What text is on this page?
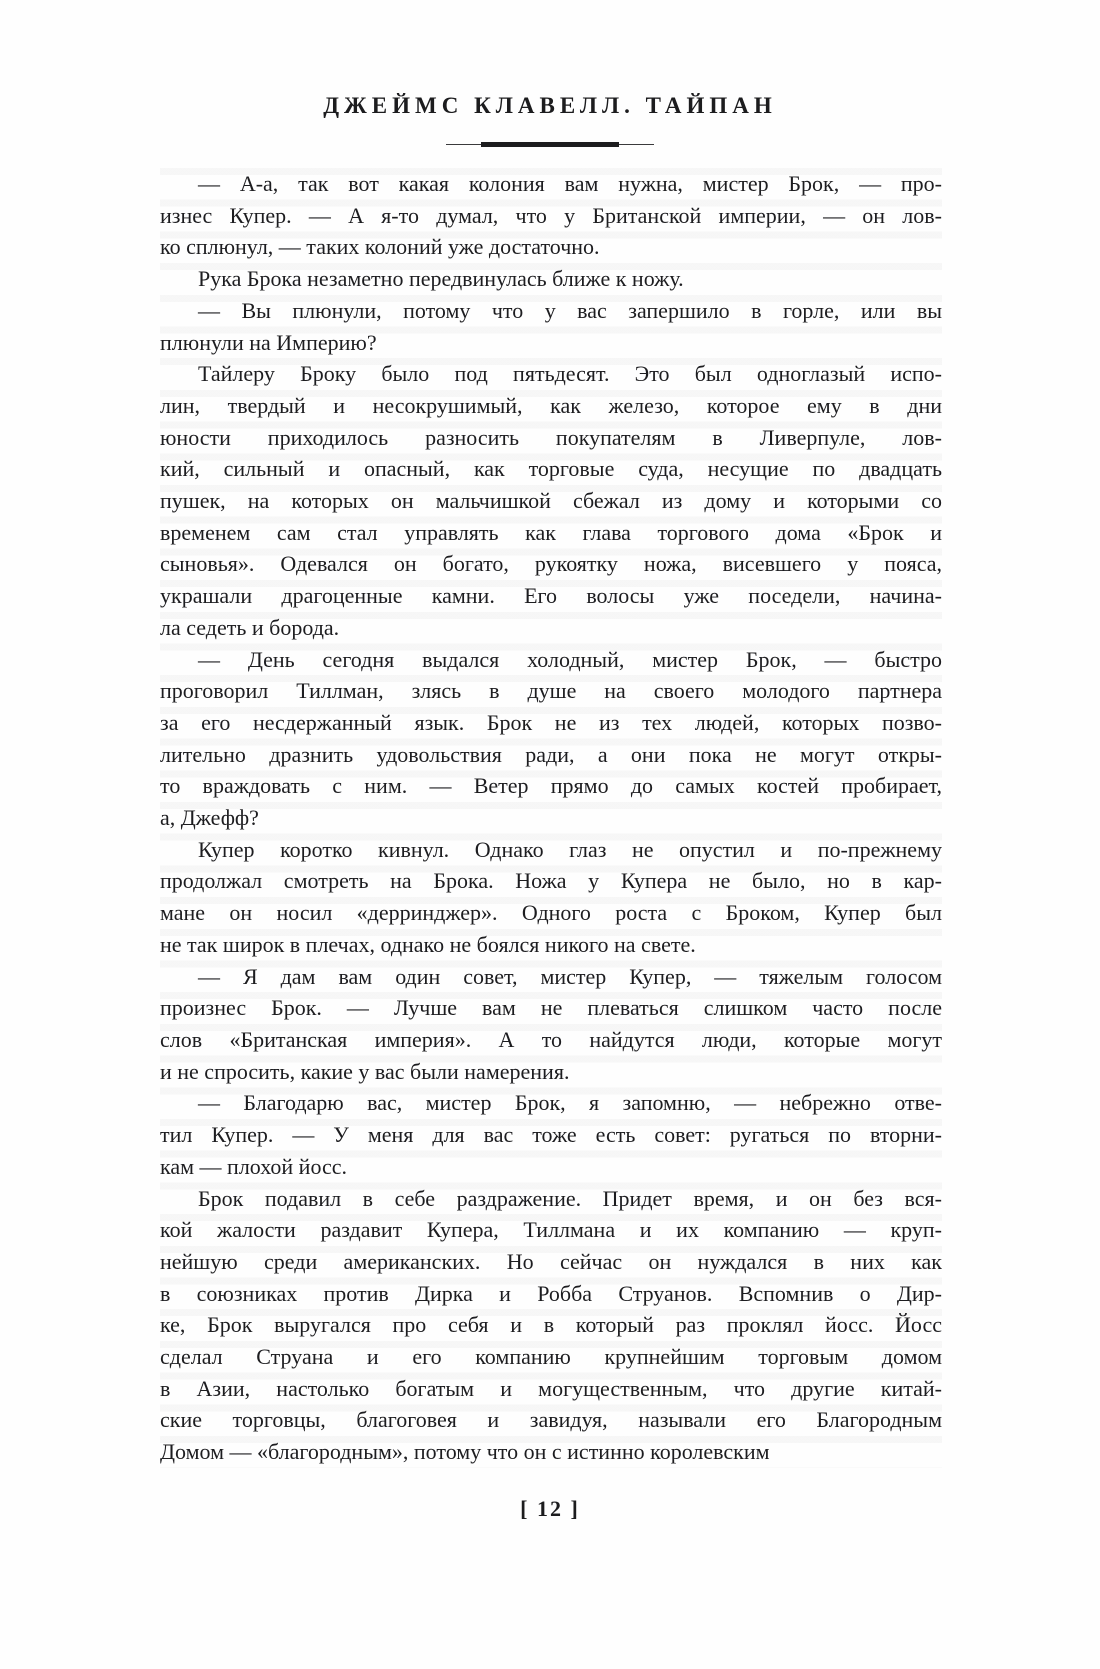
ДЖЕЙМС КЛАВЕЛЛ. ТАЙПАН
— А-а, так вот какая колония вам нужна, мистер Брок, — про-
изнес Купер. — А я-то думал, что у Британской империи, — он лов-
ко сплюнул, — таких колоний уже достаточно.
Рука Брока незаметно передвинулась ближе к ножу.
— Вы плюнули, потому что у вас запершило в горле, или вы
плюнули на Империю?
Тайлеру Броку было под пятьдесят. Это был одноглазый испо-
лин, твердый и несокрушимый, как железо, которое ему в дни
юности приходилось разносить покупателям в Ливерпуле, лов-
кий, сильный и опасный, как торговые суда, несущие по двадцать
пушек, на которых он мальчишкой сбежал из дому и которыми со
временем сам стал управлять как глава торгового дома «Брок и
сыновья». Одевался он богато, рукоятку ножа, висевшего у пояса,
украшали драгоценные камни. Его волосы уже поседели, начина-
ла седеть и борода.
— День сегодня выдался холодный, мистер Брок, — быстро
проговорил Тиллман, злясь в душе на своего молодого партнера
за его несдержанный язык. Брок не из тех людей, которых позво-
лительно дразнить удовольствия ради, а они пока не могут откры-
то враждовать с ним. — Ветер прямо до самых костей пробирает,
а, Джефф?
Купер коротко кивнул. Однако глаз не опустил и по-прежнему
продолжал смотреть на Брока. Ножа у Купера не было, но в кар-
мане он носил «дерринджер». Одного роста с Броком, Купер был
не так широк в плечах, однако не боялся никого на свете.
— Я дам вам один совет, мистер Купер, — тяжелым голосом
произнес Брок. — Лучше вам не плеваться слишком часто после
слов «Британская империя». А то найдутся люди, которые могут
и не спросить, какие у вас были намерения.
— Благодарю вас, мистер Брок, я запомню, — небрежно отве-
тил Купер. — У меня для вас тоже есть совет: ругаться по вторни-
кам — плохой йосс.
Брок подавил в себе раздражение. Придет время, и он без вся-
кой жалости раздавит Купера, Тиллмана и их компанию — круп-
нейшую среди американских. Но сейчас он нуждался в них как
в союзниках против Дирка и Робба Струанов. Вспомнив о Дир-
ке, Брок выругался про себя и в который раз проклял йосс. Йосс
сделал Струана и его компанию крупнейшим торговым домом
в Азии, настолько богатым и могущественным, что другие китай-
ские торговцы, благоговея и завидуя, называли его Благородным
Домом — «благородным», потому что он с истинно королевским
[ 12 ]
